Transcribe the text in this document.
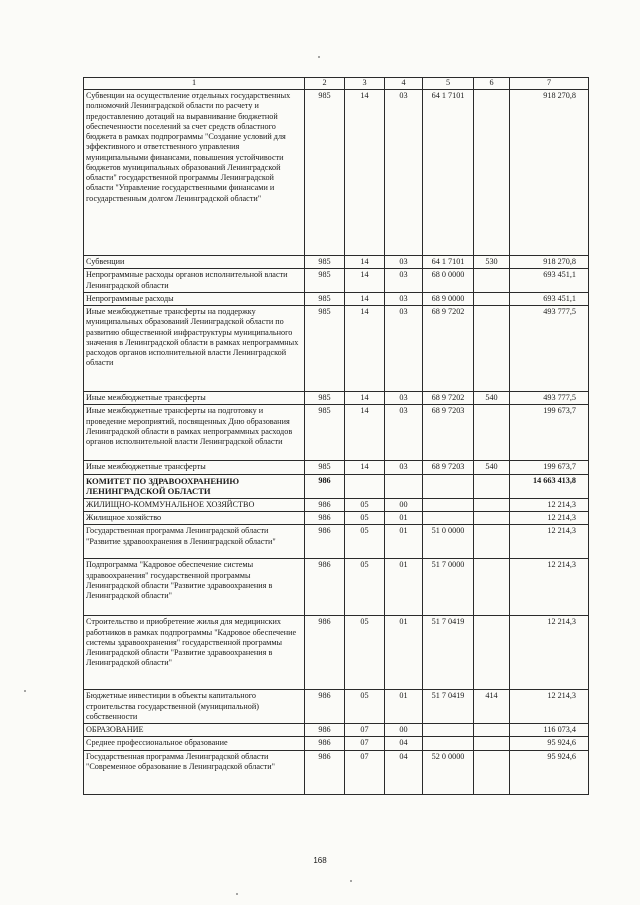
1	2	3	4	5	6	7
Субвенции на осуществление отдельных государственных полномочий Ленинградской области по расчету и предоставлению дотаций на выравнивание бюджетной обеспеченности поселений за счет средств областного бюджета в рамках подпрограммы "Создание условий для эффективного и ответственного управления муниципальными финансами, повышения устойчивости бюджетов муниципальных образований Ленинградской области" государственной программы Ленинградской области "Управление государственными финансами и государственным долгом Ленинградской области"	985	14	03	64 1 7101		918 270,8
Субвенции	985	14	03	64 1 7101	530	918 270,8
Непрограммные расходы органов исполнительной власти Ленинградской области	985	14	03	68 0 0000		693 451,1
Непрограммные расходы	985	14	03	68 9 0000		693 451,1
Иные межбюджетные трансферты на поддержку муниципальных образований Ленинградской области по развитию общественной инфраструктуры муниципального значения в Ленинградской области в рамках непрограммных расходов органов исполнительной власти Ленинградской области	985	14	03	68 9 7202		493 777,5
Иные межбюджетные трансферты	985	14	03	68 9 7202	540	493 777,5
Иные межбюджетные трансферты на подготовку и проведение мероприятий, посвященных Дню образования Ленинградской области в рамках непрограммных расходов органов исполнительной власти Ленинградской области	985	14	03	68 9 7203		199 673,7
Иные межбюджетные трансферты	985	14	03	68 9 7203	540	199 673,7
КОМИТЕТ ПО ЗДРАВООХРАНЕНИЮ ЛЕНИНГРАДСКОЙ ОБЛАСТИ	986					14 663 413,8
ЖИЛИЩНО-КОММУНАЛЬНОЕ ХОЗЯЙСТВО	986	05	00			12 214,3
Жилищное хозяйство	986	05	01			12 214,3
Государственная программа Ленинградской области "Развитие здравоохранения в Ленинградской области"	986	05	01	51 0 0000		12 214,3
Подпрограмма "Кадровое обеспечение системы здравоохранения" государственной программы Ленинградской области "Развитие здравоохранения в Ленинградской области"	986	05	01	51 7 0000		12 214,3
Строительство и приобретение жилья для медицинских работников в рамках подпрограммы "Кадровое обеспечение системы здравоохранения" государственной программы Ленинградской области "Развитие здравоохранения в Ленинградской области"	986	05	01	51 7 0419		12 214,3
Бюджетные инвестиции в объекты капитального строительства государственной (муниципальной) собственности	986	05	01	51 7 0419	414	12 214,3
ОБРАЗОВАНИЕ	986	07	00			116 073,4
Среднее профессиональное образование	986	07	04			95 924,6
Государственная программа Ленинградской области "Современное образование в Ленинградской области"	986	07	04	52 0 0000		95 924,6
168
